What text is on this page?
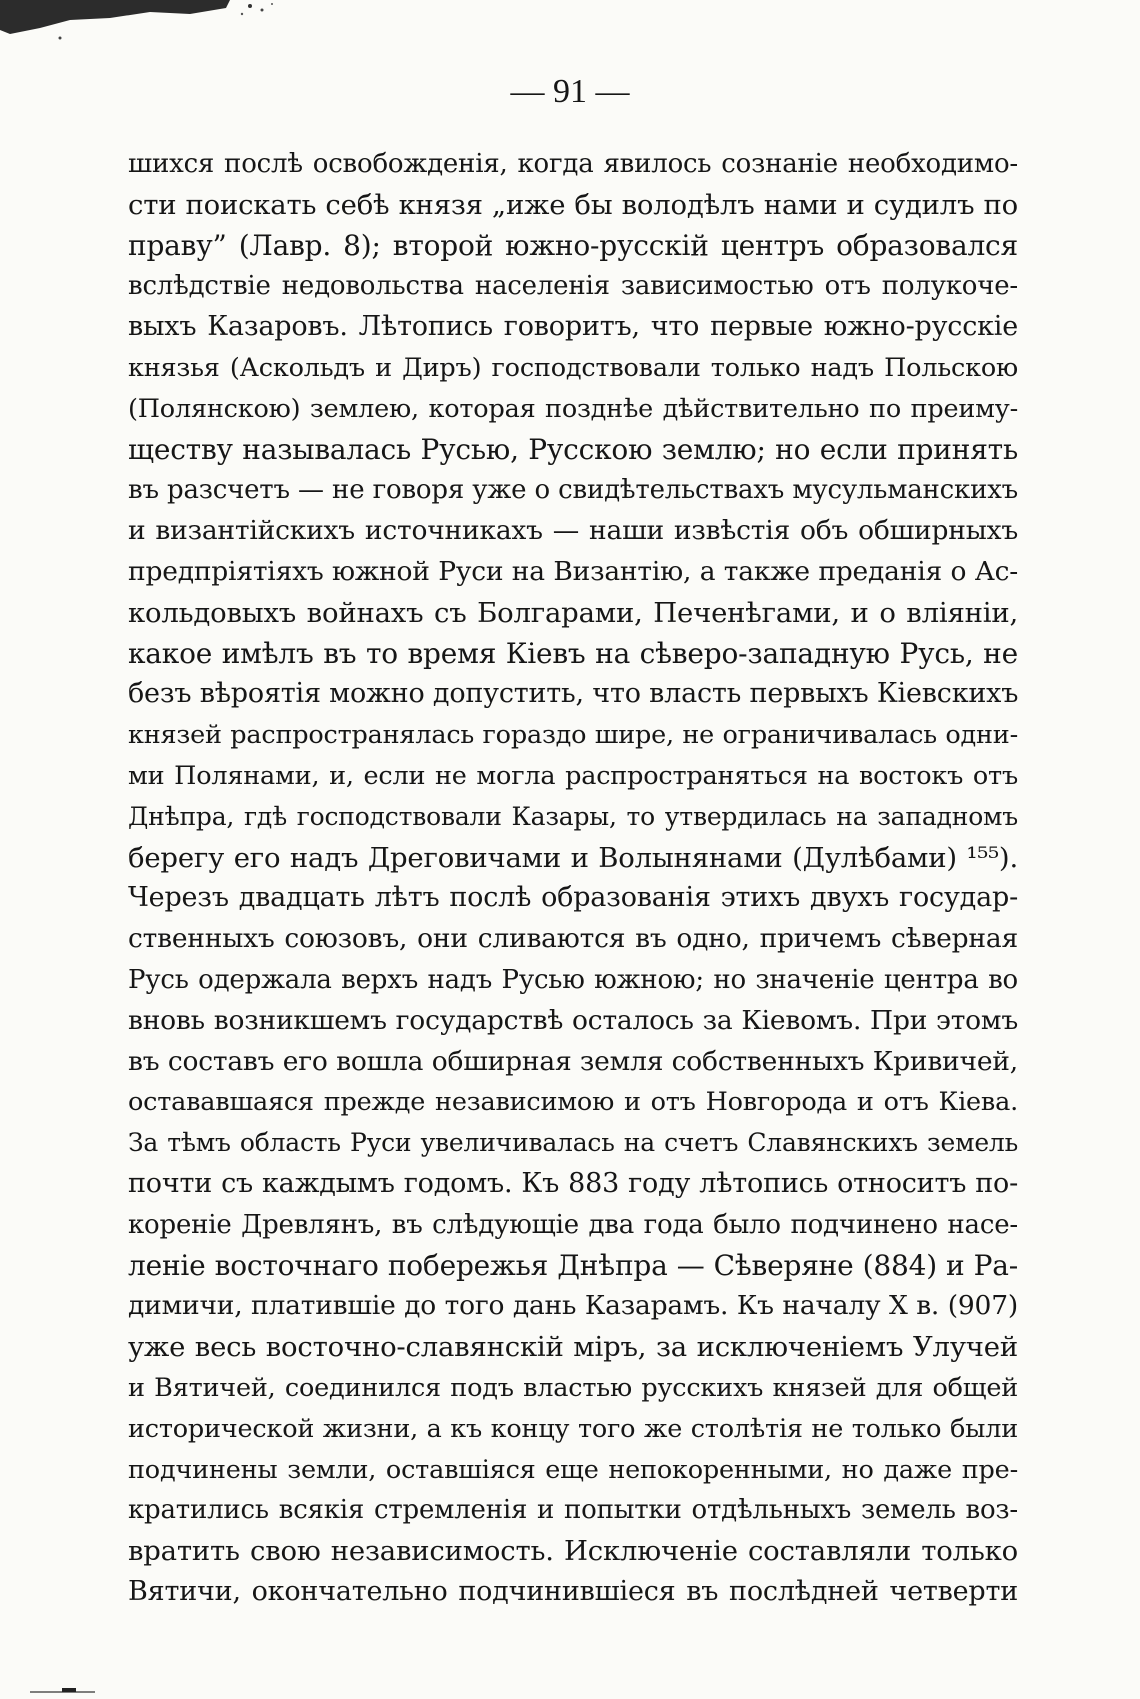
— 91 —
шихся послѣ освобожденія, когда явилось сознаніе необходимо-
сти поискать себѣ князя „иже бы володѣлъ нами и судилъ по
праву” (Лавр. 8); второй южно-русскій центръ образовался
вслѣдствіе недовольства населенія зависимостью отъ полукоче-
выхъ Казаровъ. Лѣтопись говоритъ, что первые южно-русскіе
князья (Аскольдъ и Диръ) господствовали только надъ Польскою
(Полянскою) землею, которая позднѣе дѣйствительно по преиму-
ществу называлась Русью, Русскою землю; но если принять
въ разсчетъ — не говоря уже о свидѣтельствахъ мусульманскихъ
и византійскихъ источникахъ — наши извѣстія объ обширныхъ
предпріятіяхъ южной Руси на Византію, а также преданія о Ас-
кольдовыхъ войнахъ съ Болгарами, Печенѣгами, и о вліяніи,
какое имѣлъ въ то время Кіевъ на сѣверо-западную Русь, не
безъ вѣроятія можно допустить, что власть первыхъ Кіевскихъ
князей распространялась гораздо шире, не ограничивалась одни-
ми Полянами, и, если не могла распространяться на востокъ отъ
Днѣпра, гдѣ господствовали Казары, то утвердилась на западномъ
берегу его надъ Дреговичами и Волынянами (Дулѣбами) ¹⁵⁵).
Черезъ двадцать лѣтъ послѣ образованія этихъ двухъ государ-
ственныхъ союзовъ, они сливаются въ одно, причемъ сѣверная
Русь одержала верхъ надъ Русью южною; но значеніе центра во
вновь возникшемъ государствѣ осталось за Кіевомъ. При этомъ
въ составъ его вошла обширная земля собственныхъ Кривичей,
остававшаяся прежде независимою и отъ Новгорода и отъ Кіева.
За тѣмъ область Руси увеличивалась на счетъ Славянскихъ земель
почти съ каждымъ годомъ. Къ 883 году лѣтопись относитъ по-
кореніе Древлянъ, въ слѣдующіе два года было подчинено насе-
леніе восточнаго побережья Днѣпра — Сѣверяне (884) и Ра-
димичи, платившіе до того дань Казарамъ. Къ началу X в. (907)
уже весь восточно-славянскій міръ, за исключеніемъ Улучей
и Вятичей, соединился подъ властью русскихъ князей для общей
исторической жизни, а къ концу того же столѣтія не только были
подчинены земли, оставшіяся еще непокоренными, но даже пре-
кратились всякія стремленія и попытки отдѣльныхъ земель воз-
вратить свою независимость. Исключеніе составляли только
Вятичи, окончательно подчинившіеся въ послѣдней четверти
